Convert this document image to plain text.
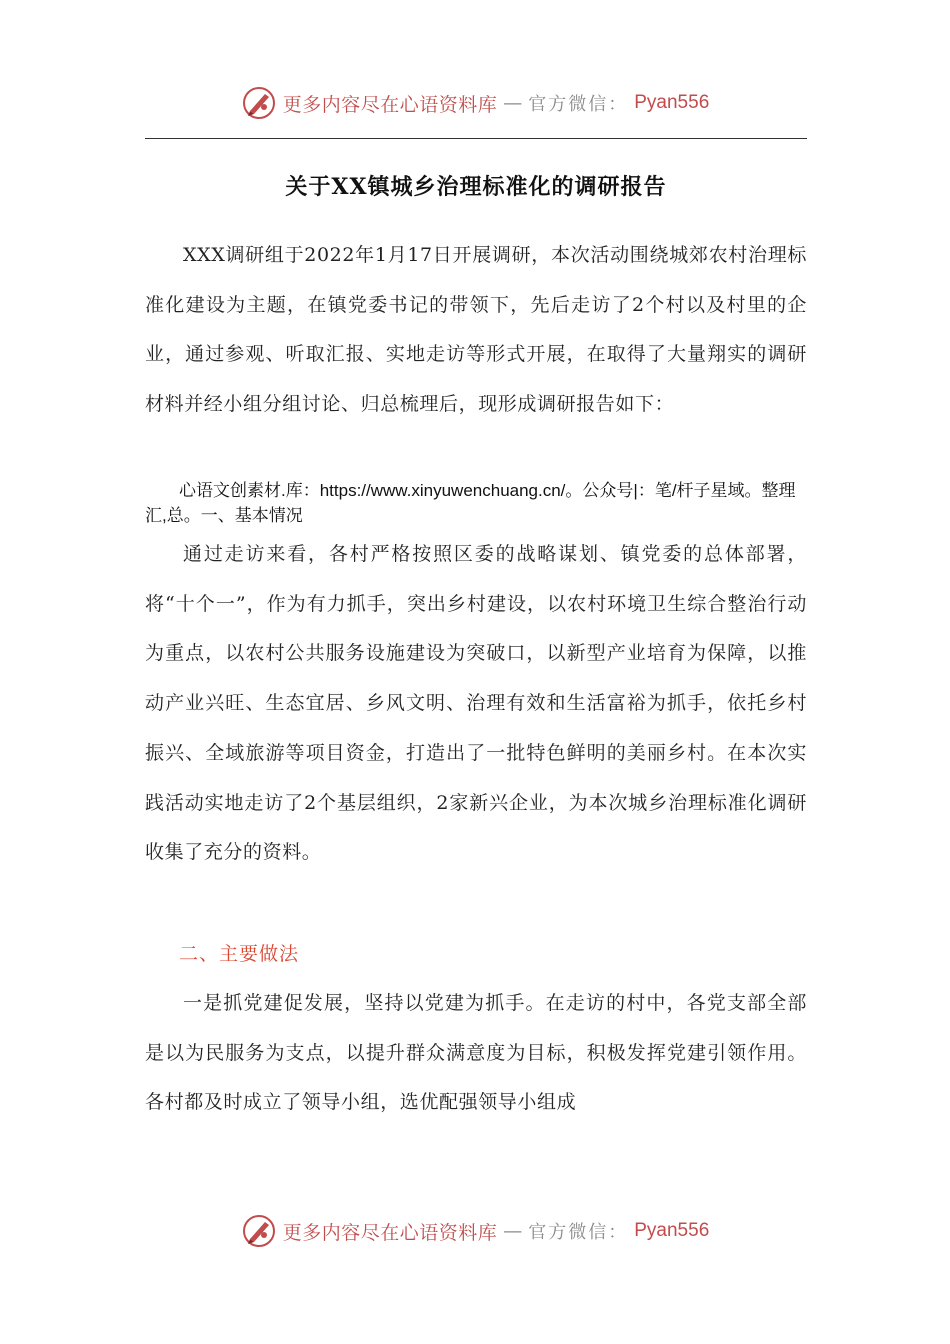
更多内容尽在心语资料库 — 官方微信： Pyan556
关于XX镇城乡治理标准化的调研报告

XXX调研组于2022年1月17日开展调研，本次活动围绕城郊农村治理标准化建设为主题，在镇党委书记的带领下，先后走访了2个村以及村里的企业，通过参观、听取汇报、实地走访等形式开展，在取得了大量翔实的调研材料并经小组分组讨论、归总梳理后，现形成调研报告如下：

心语文创素材.库：https://www.xinyuwenchuang.cn/。公众号|：笔/杆子星域。整理汇,总。一、基本情况

通过走访来看，各村严格按照区委的战略谋划、镇党委的总体部署，将“十个一”，作为有力抓手，突出乡村建设，以农村环境卫生综合整治行动为重点，以农村公共服务设施建设为突破口，以新型产业培育为保障，以推动产业兴旺、生态宜居、乡风文明、治理有效和生活富裕为抓手，依托乡村振兴、全域旅游等项目资金，打造出了一批特色鲜明的美丽乡村。在本次实践活动实地走访了2个基层组织，2家新兴企业，为本次城乡治理标准化调研收集了充分的资料。

二、主要做法

一是抓党建促发展，坚持以党建为抓手。在走访的村中，各党支部全部是以为民服务为支点，以提升群众满意度为目标，积极发挥党建引领作用。各村都及时成立了领导小组，选优配强领导小组成

更多内容尽在心语资料库 — 官方微信： Pyan556
